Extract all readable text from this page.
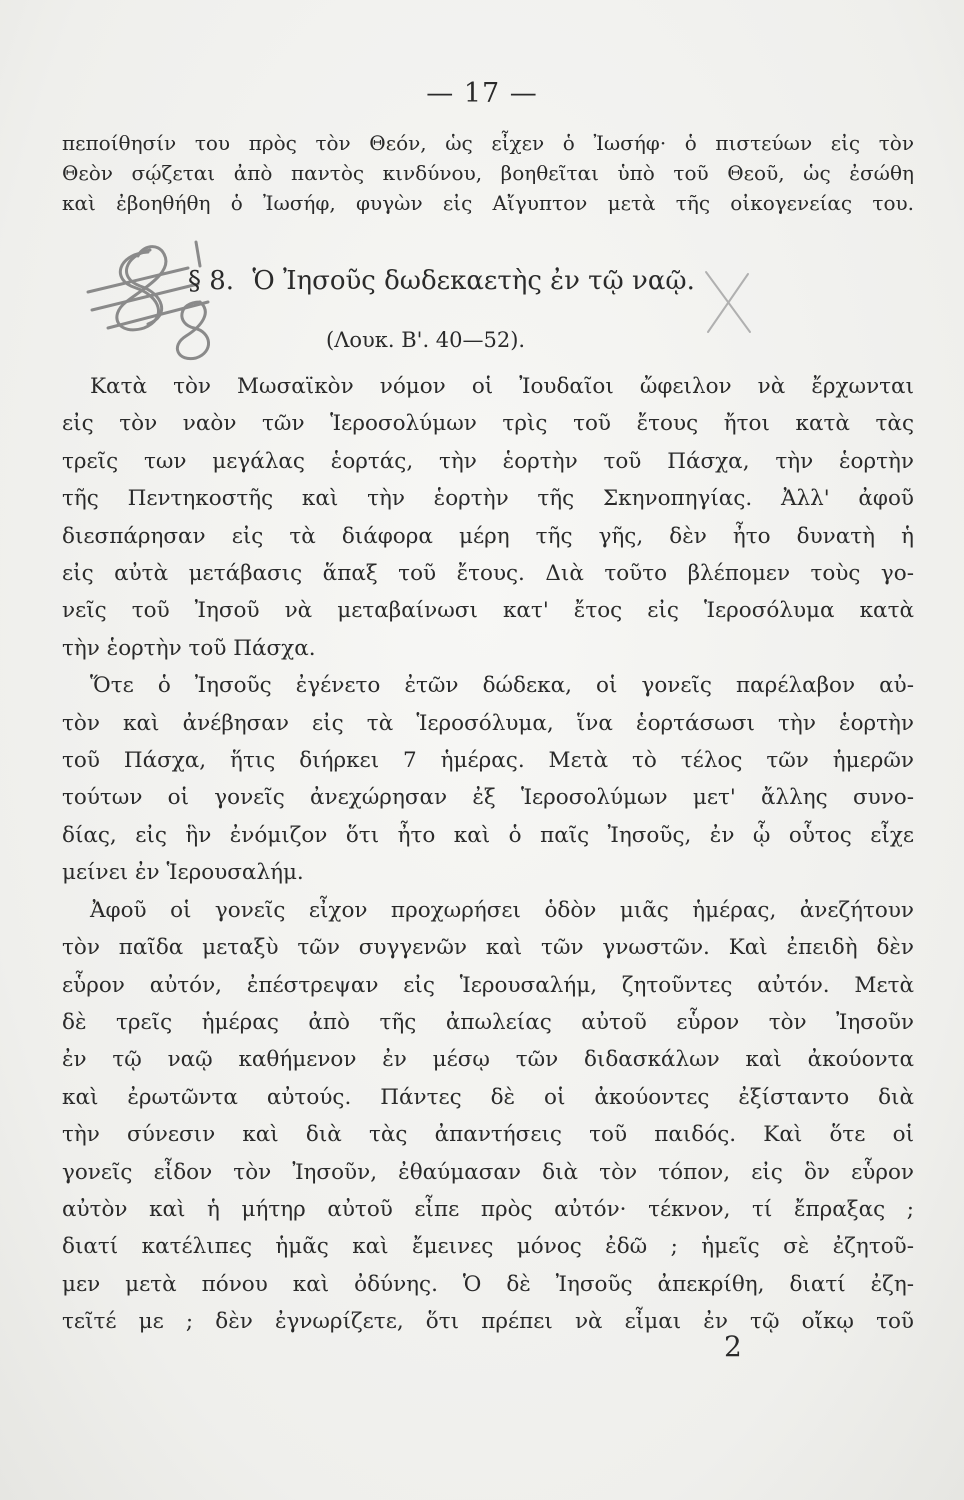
— 17 —
πεποίθησίν του πρὸς τὸν Θεόν, ὡς εἶχεν ὁ Ἰωσήφ· ὁ πιστεύων εἰς τὸν
Θεὸν σῴζεται ἀπὸ παντὸς κινδύνου, βοηθεῖται ὑπὸ τοῦ Θεοῦ, ὡς ἐσώθη
καὶ ἐβοηθήθη ὁ Ἰωσήφ, φυγὼν εἰς Αἴγυπτον μετὰ τῆς οἰκογενείας του.
§ 8. Ὁ Ἰησοῦς δωδεκαετὴς ἐν τῷ ναῷ.
(Λουκ. Β'. 40—52).
Κατὰ τὸν Μωσαϊκὸν νόμον οἱ Ἰουδαῖοι ὤφειλον νὰ ἔρχωνται
εἰς τὸν ναὸν τῶν Ἱεροσολύμων τρὶς τοῦ ἔτους ἤτοι κατὰ τὰς
τρεῖς των μεγάλας ἑορτάς, τὴν ἑορτὴν τοῦ Πάσχα, τὴν ἑορτὴν
τῆς Πεντηκοστῆς καὶ τὴν ἑορτὴν τῆς Σκηνοπηγίας. Ἀλλ' ἀφοῦ
διεσπάρησαν εἰς τὰ διάφορα μέρη τῆς γῆς, δὲν ἦτο δυνατὴ ἡ
εἰς αὐτὰ μετάβασις ἅπαξ τοῦ ἔτους. Διὰ τοῦτο βλέπομεν τοὺς γο-
νεῖς τοῦ Ἰησοῦ νὰ μεταβαίνωσι κατ' ἔτος εἰς Ἱεροσόλυμα κατὰ
τὴν ἑορτὴν τοῦ Πάσχα.
Ὅτε ὁ Ἰησοῦς ἐγένετο ἐτῶν δώδεκα, οἱ γονεῖς παρέλαβον αὐ-
τὸν καὶ ἀνέβησαν εἰς τὰ Ἱεροσόλυμα, ἵνα ἑορτάσωσι τὴν ἑορτὴν
τοῦ Πάσχα, ἥτις διήρκει 7 ἡμέρας. Μετὰ τὸ τέλος τῶν ἡμερῶν
τούτων οἱ γονεῖς ἀνεχώρησαν ἐξ Ἱεροσολύμων μετ' ἄλλης συνο-
δίας, εἰς ἣν ἐνόμιζον ὅτι ἦτο καὶ ὁ παῖς Ἰησοῦς, ἐν ᾧ οὗτος εἶχε
μείνει ἐν Ἱερουσαλήμ.
Ἀφοῦ οἱ γονεῖς εἶχον προχωρήσει ὁδὸν μιᾶς ἡμέρας, ἀνεζήτουν
τὸν παῖδα μεταξὺ τῶν συγγενῶν καὶ τῶν γνωστῶν. Καὶ ἐπειδὴ δὲν
εὗρον αὐτόν, ἐπέστρεψαν εἰς Ἱερουσαλήμ, ζητοῦντες αὐτόν. Μετὰ
δὲ τρεῖς ἡμέρας ἀπὸ τῆς ἀπωλείας αὐτοῦ εὗρον τὸν Ἰησοῦν
ἐν τῷ ναῷ καθήμενον ἐν μέσῳ τῶν διδασκάλων καὶ ἀκούοντα
καὶ ἐρωτῶντα αὐτούς. Πάντες δὲ οἱ ἀκούοντες ἐξίσταντο διὰ
τὴν σύνεσιν καὶ διὰ τὰς ἀπαντήσεις τοῦ παιδός. Καὶ ὅτε οἱ
γονεῖς εἶδον τὸν Ἰησοῦν, ἐθαύμασαν διὰ τὸν τόπον, εἰς ὃν εὗρον
αὐτὸν καὶ ἡ μήτηρ αὐτοῦ εἶπε πρὸς αὐτόν· τέκνον, τί ἔπραξας ;
διατί κατέλιπες ἡμᾶς καὶ ἔμεινες μόνος ἐδῶ ; ἡμεῖς σὲ ἐζητοῦ-
μεν μετὰ πόνου καὶ ὀδύνης. Ὁ δὲ Ἰησοῦς ἀπεκρίθη, διατί ἐζη-
τεῖτέ με ; δὲν ἐγνωρίζετε, ὅτι πρέπει νὰ εἶμαι ἐν τῷ οἴκῳ τοῦ
2
